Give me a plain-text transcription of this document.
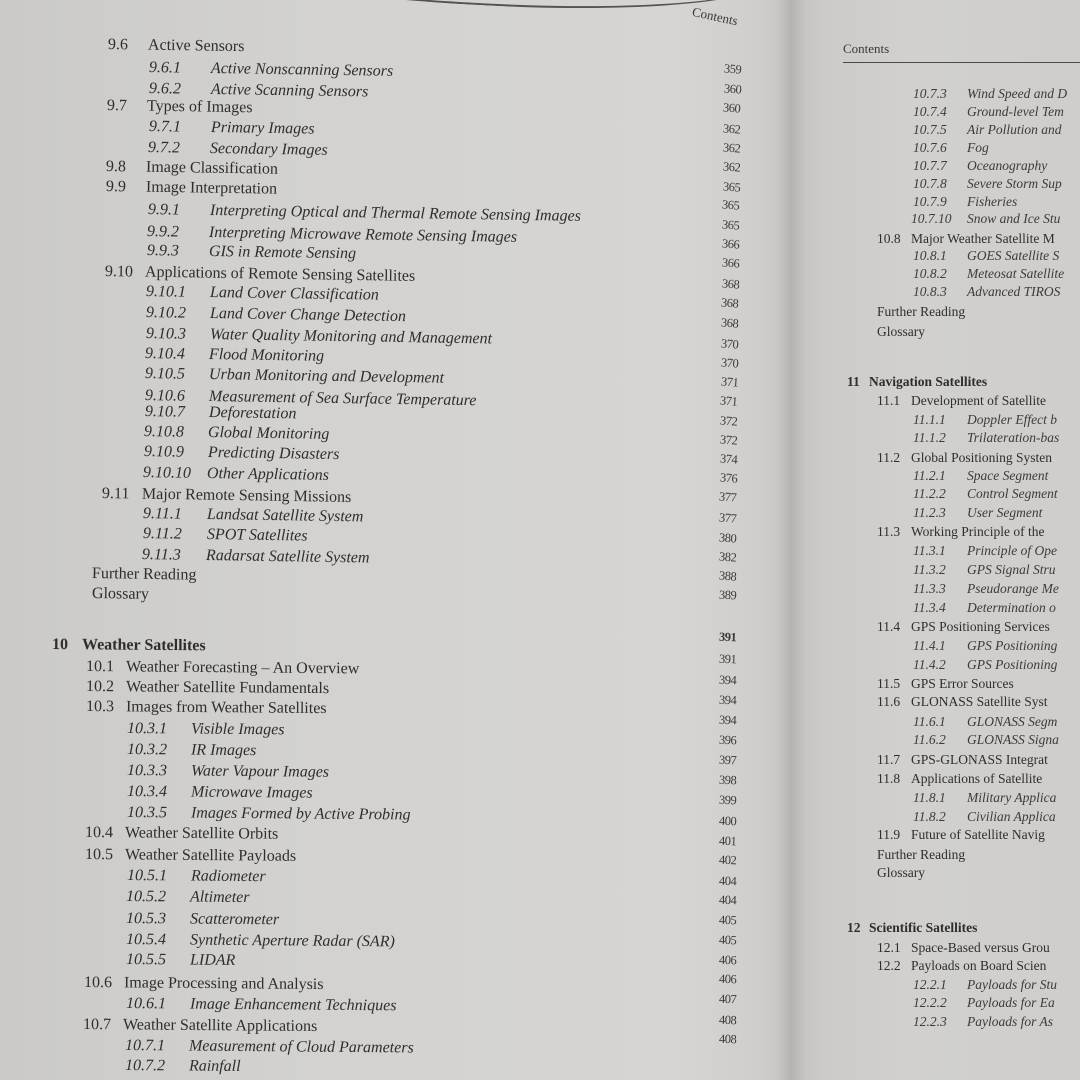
Contents
Contents
9.6 Active Sensors
9.6.1 Active Nonscanning Sensors
9.6.2 Active Scanning Sensors
9.7 Types of Images
9.7.1 Primary Images
9.7.2 Secondary Images
9.8 Image Classification
9.9 Image Interpretation
9.9.1 Interpreting Optical and Thermal Remote Sensing Images
9.9.2 Interpreting Microwave Remote Sensing Images
9.9.3 GIS in Remote Sensing
9.10 Applications of Remote Sensing Satellites
9.10.1 Land Cover Classification
9.10.2 Land Cover Change Detection
9.10.3 Water Quality Monitoring and Management
9.10.4 Flood Monitoring
9.10.5 Urban Monitoring and Development
9.10.6 Measurement of Sea Surface Temperature
9.10.7 Deforestation
9.10.8 Global Monitoring
9.10.9 Predicting Disasters
9.10.10 Other Applications
9.11 Major Remote Sensing Missions
9.11.1 Landsat Satellite System
9.11.2 SPOT Satellites
9.11.3 Radarsat Satellite System
Further Reading
Glossary
10 Weather Satellites
10.1 Weather Forecasting – An Overview
10.2 Weather Satellite Fundamentals
10.3 Images from Weather Satellites
10.3.1 Visible Images
10.3.2 IR Images
10.3.3 Water Vapour Images
10.3.4 Microwave Images
10.3.5 Images Formed by Active Probing
10.4 Weather Satellite Orbits
10.5 Weather Satellite Payloads
10.5.1 Radiometer
10.5.2 Altimeter
10.5.3 Scatterometer
10.5.4 Synthetic Aperture Radar (SAR)
10.5.5 LIDAR
10.6 Image Processing and Analysis
10.6.1 Image Enhancement Techniques
10.7 Weather Satellite Applications
10.7.1 Measurement of Cloud Parameters
10.7.2 Rainfall
359
360
360
362
362
362
365
365
365
366
366
368
368
368
370
370
371
371
372
372
374
376
377
377
380
382
388
389
391
391
394
394
394
396
397
398
399
400
401
402
404
404
405
405
406
406
407
408
408
10.7.3 Wind Speed and D
10.7.4 Ground-level Tem
10.7.5 Air Pollution and
10.7.6 Fog
10.7.7 Oceanography
10.7.8 Severe Storm Sup
10.7.9 Fisheries
10.7.10 Snow and Ice Stu
10.8 Major Weather Satellite M
10.8.1 GOES Satellite S
10.8.2 Meteosat Satellite
10.8.3 Advanced TIROS
Further Reading
Glossary
11 Navigation Satellites
11.1 Development of Satellite
11.1.1 Doppler Effect b
11.1.2 Trilateration-bas
11.2 Global Positioning Systen
11.2.1 Space Segment
11.2.2 Control Segment
11.2.3 User Segment
11.3 Working Principle of the
11.3.1 Principle of Ope
11.3.2 GPS Signal Stru
11.3.3 Pseudorange Me
11.3.4 Determination o
11.4 GPS Positioning Services
11.4.1 GPS Positioning
11.4.2 GPS Positioning
11.5 GPS Error Sources
11.6 GLONASS Satellite Syst
11.6.1 GLONASS Segm
11.6.2 GLONASS Signa
11.7 GPS-GLONASS Integrat
11.8 Applications of Satellite
11.8.1 Military Applica
11.8.2 Civilian Applica
11.9 Future of Satellite Navig
Further Reading
Glossary
12 Scientific Satellites
12.1 Space-Based versus Grou
12.2 Payloads on Board Scien
12.2.1 Payloads for Stu
12.2.2 Payloads for Ea
12.2.3 Payloads for As
